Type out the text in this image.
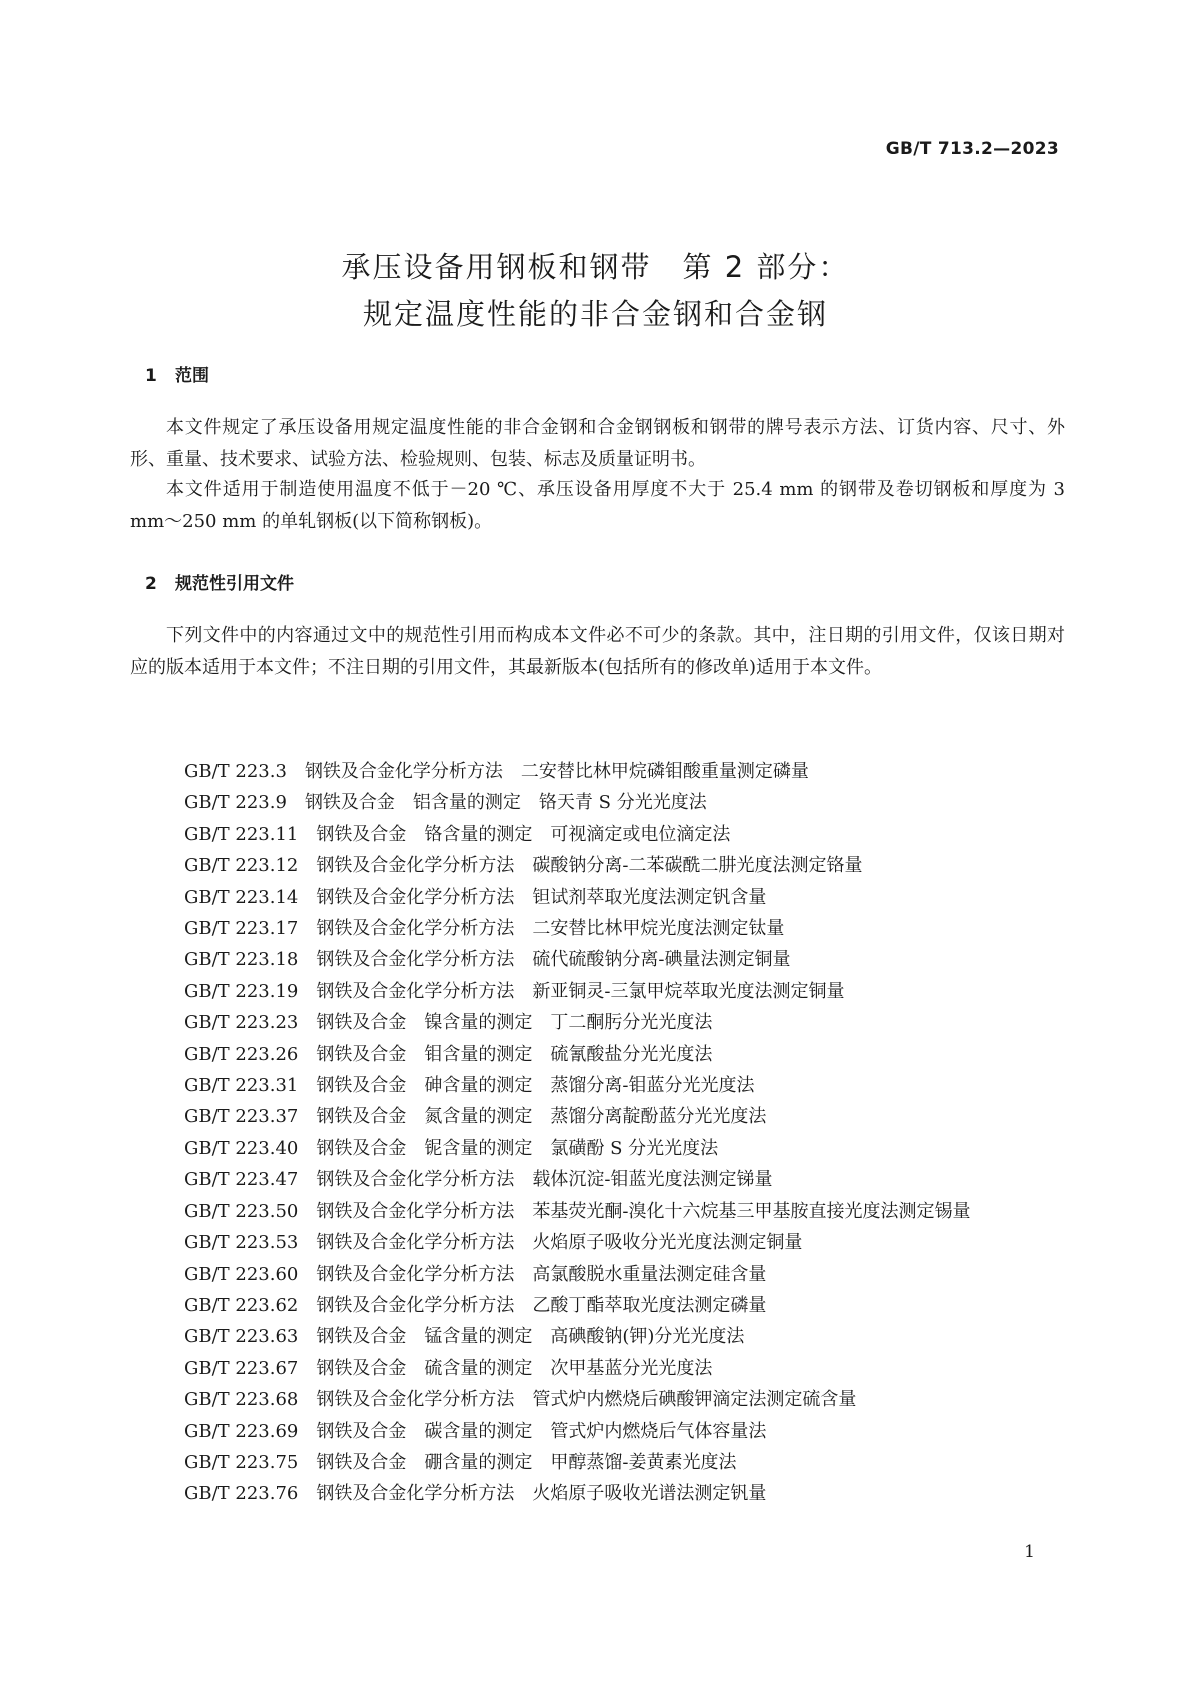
GB/T 713.2—2023
承压设备用钢板和钢带　第 2 部分：
规定温度性能的非合金钢和合金钢
1 范围
本文件规定了承压设备用规定温度性能的非合金钢和合金钢钢板和钢带的牌号表示方法、订货内容、尺寸、外形、重量、技术要求、试验方法、检验规则、包装、标志及质量证明书。
本文件适用于制造使用温度不低于－20 ℃、承压设备用厚度不大于 25.4 mm 的钢带及卷切钢板和厚度为 3 mm～250 mm 的单轧钢板(以下简称钢板)。
2 规范性引用文件
下列文件中的内容通过文中的规范性引用而构成本文件必不可少的条款。其中，注日期的引用文件，仅该日期对应的版本适用于本文件；不注日期的引用文件，其最新版本(包括所有的修改单)适用于本文件。
GB/T 223.3 钢铁及合金化学分析方法　二安替比林甲烷磷钼酸重量测定磷量
GB/T 223.9 钢铁及合金　铝含量的测定　铬天青 S 分光光度法
GB/T 223.11 钢铁及合金　铬含量的测定　可视滴定或电位滴定法
GB/T 223.12 钢铁及合金化学分析方法　碳酸钠分离-二苯碳酰二肼光度法测定铬量
GB/T 223.14 钢铁及合金化学分析方法　钽试剂萃取光度法测定钒含量
GB/T 223.17 钢铁及合金化学分析方法　二安替比林甲烷光度法测定钛量
GB/T 223.18 钢铁及合金化学分析方法　硫代硫酸钠分离-碘量法测定铜量
GB/T 223.19 钢铁及合金化学分析方法　新亚铜灵-三氯甲烷萃取光度法测定铜量
GB/T 223.23 钢铁及合金　镍含量的测定　丁二酮肟分光光度法
GB/T 223.26 钢铁及合金　钼含量的测定　硫氰酸盐分光光度法
GB/T 223.31 钢铁及合金　砷含量的测定　蒸馏分离-钼蓝分光光度法
GB/T 223.37 钢铁及合金　氮含量的测定　蒸馏分离靛酚蓝分光光度法
GB/T 223.40 钢铁及合金　铌含量的测定　氯磺酚 S 分光光度法
GB/T 223.47 钢铁及合金化学分析方法　载体沉淀-钼蓝光度法测定锑量
GB/T 223.50 钢铁及合金化学分析方法　苯基荧光酮-溴化十六烷基三甲基胺直接光度法测定锡量
GB/T 223.53 钢铁及合金化学分析方法　火焰原子吸收分光光度法测定铜量
GB/T 223.60 钢铁及合金化学分析方法　高氯酸脱水重量法测定硅含量
GB/T 223.62 钢铁及合金化学分析方法　乙酸丁酯萃取光度法测定磷量
GB/T 223.63 钢铁及合金　锰含量的测定　高碘酸钠(钾)分光光度法
GB/T 223.67 钢铁及合金　硫含量的测定　次甲基蓝分光光度法
GB/T 223.68 钢铁及合金化学分析方法　管式炉内燃烧后碘酸钾滴定法测定硫含量
GB/T 223.69 钢铁及合金　碳含量的测定　管式炉内燃烧后气体容量法
GB/T 223.75 钢铁及合金　硼含量的测定　甲醇蒸馏-姜黄素光度法
GB/T 223.76 钢铁及合金化学分析方法　火焰原子吸收光谱法测定钒量
1
